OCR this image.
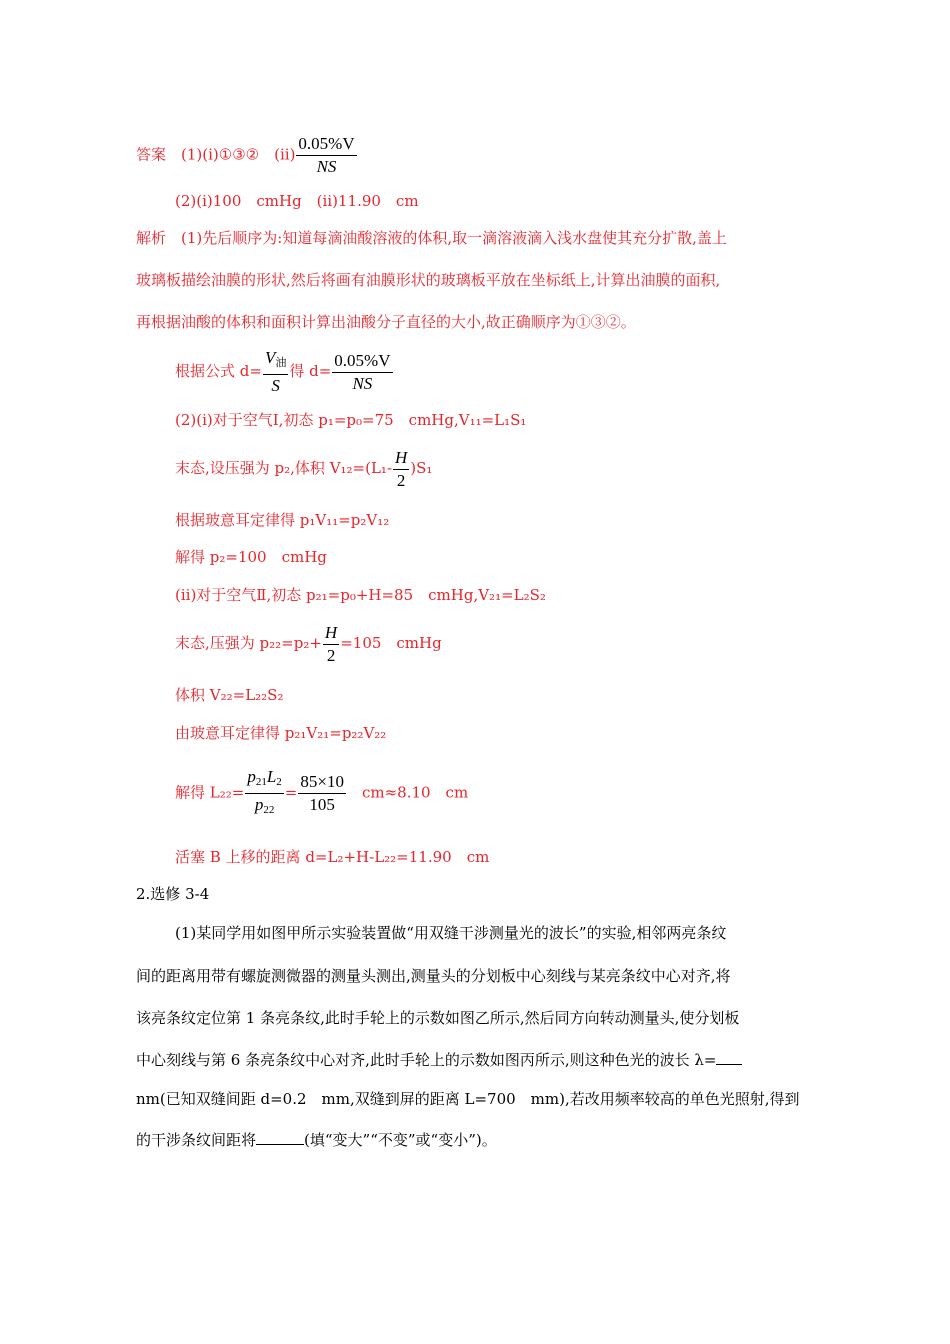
答案　 (1)(ⅰ)①③②　(ⅱ) $\frac{0.05\%V}{NS}$
(2)(ⅰ)100　cmHg　(ⅱ)11.90　cm
解析　 (1)先后顺序为:知道每滴油酸溶液的体积,取一滴溶液滴入浅水盘使其充分扩散,盖上
玻璃板描绘油膜的形状,然后将画有油膜形状的玻璃板平放在坐标纸上,计算出油膜的面积,
再根据油酸的体积和面积计算出油酸分子直径的大小,故正确顺序为①③②。
根据公式 $d= \frac{V_油}{S}$ 得 $d= \frac{0.05\%V}{NS}$
(2)(ⅰ)对于空气Ⅰ,初态 p₁=p₀=75　cmHg,V₁₁=L₁S₁
末态,设压强为 p₂,体积 $V_{12}=(L_1- \frac{H}{2} )S_1$
根据玻意耳定律得 p₁V₁₁=p₂V₁₂
解得 p₂=100　cmHg
(ⅱ)对于空气Ⅱ,初态 p₂₁=p₀+H=85　cmHg,V₂₁=L₂S₂
末态,压强为 $p_{22}=p_2+ \frac{H}{2} =105$　cmHg
体积 V₂₂=L₂₂S₂
由玻意耳定律得 p₂₁V₂₁=p₂₂V₂₂
解得 $L_{22}= \frac{p_{21}L_2}{p_{22}} = \frac{85\times 10}{105}$ 　cm≈8.10　cm
活塞 B 上移的距离 d=L₂+H-L₂₂=11.90　cm
2.选修 3-4
(1)某同学用如图甲所示实验装置做“用双缝干涉测量光的波长”的实验,相邻两亮条纹
间的距离用带有螺旋测微器的测量头测出,测量头的分划板中心刻线与某亮条纹中心对齐,将
该亮条纹定位第 1 条亮条纹,此时手轮上的示数如图乙所示,然后同方向转动测量头,使分划板
中心刻线与第 6 条亮条纹中心对齐,此时手轮上的示数如图丙所示,则这种色光的波长 λ=
nm(已知双缝间距 d=0.2　mm,双缝到屏的距离 L=700　mm),若改用频率较高的单色光照射,得到
的干涉条纹间距将	(填“变大”“不变”或“变小”)。
